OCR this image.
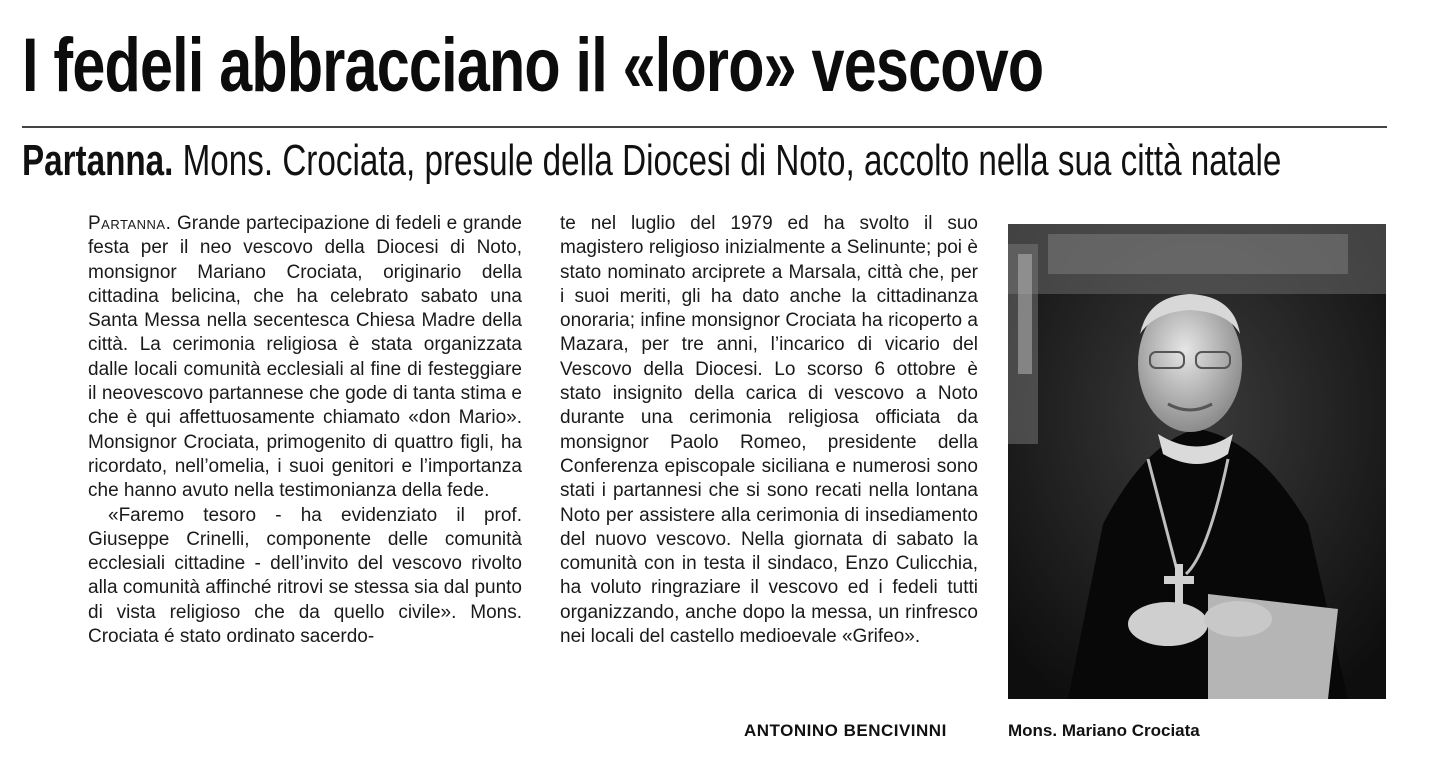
I fedeli abbracciano il «loro» vescovo
Partanna. Mons. Crociata, presule della Diocesi di Noto, accolto nella sua città natale

Partanna. Grande partecipazione di fedeli e grande festa per il neo vescovo della Diocesi di Noto, monsignor Mariano Crociata, originario della cittadina belicina, che ha celebrato sabato una Santa Messa nella secentesca Chiesa Madre della città. La cerimonia religiosa è stata organizzata dalle locali comunità ecclesiali al fine di festeggiare il neovescovo partannese che gode di tanta stima e che è qui affettuosamente chiamato «don Mario». Monsignor Crociata, primogenito di quattro figli, ha ricordato, nell’omelia, i suoi genitori e l’importanza che hanno avuto nella testimonianza della fede.

«Faremo tesoro - ha evidenziato il prof. Giuseppe Crinelli, componente delle comunità ecclesiali cittadine - dell’invito del vescovo rivolto alla comunità affinché ritrovi se stessa sia dal punto di vista religioso che da quello civile». Mons. Crociata é stato ordinato sacerdo-

te nel luglio del 1979 ed ha svolto il suo magistero religioso inizialmente a Selinunte; poi è stato nominato arciprete a Marsala, città che, per i suoi meriti, gli ha dato anche la cittadinanza onoraria; infine monsignor Crociata ha ricoperto a Mazara, per tre anni, l’incarico di vicario del Vescovo della Diocesi. Lo scorso 6 ottobre è stato insignito della carica di vescovo a Noto durante una cerimonia religiosa officiata da monsignor Paolo Romeo, presidente della Conferenza episcopale siciliana e numerosi sono stati i partannesi che si sono recati nella lontana Noto per assistere alla cerimonia di insediamento del nuovo vescovo. Nella giornata di sabato la comunità con in testa il sindaco, Enzo Culicchia, ha voluto ringraziare il vescovo ed i fedeli tutti organizzando, anche dopo la messa, un rinfresco nei locali del castello medioevale «Grifeo».

ANTONINO BENCIVINNI	Mons. Mariano Crociata
